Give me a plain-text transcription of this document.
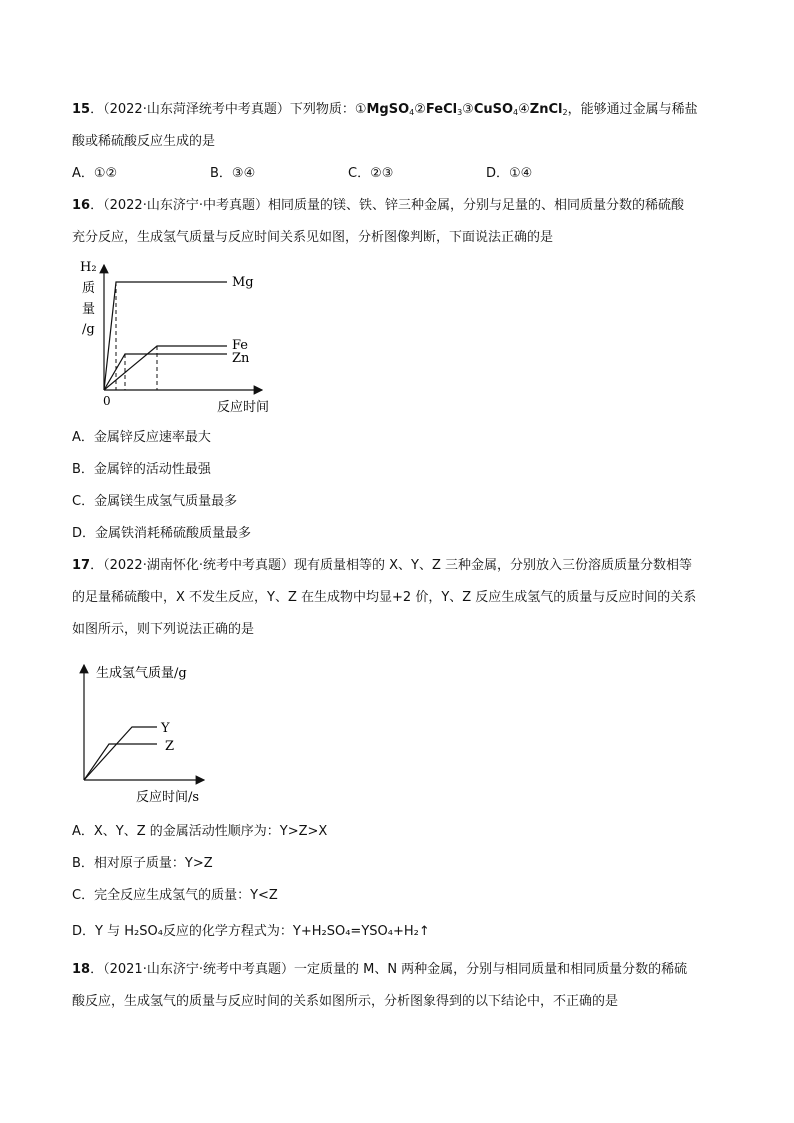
15．（2022·山东菏泽统考中考真题）下列物质：①MgSO$_4$②FeCl$_3$③CuSO$_4$④ZnCl$_2$，能够通过金属与稀盐
酸或稀硫酸反应生成的是
A．①②	B．③④	C．②③	D．①④
16．（2022·山东济宁·中考真题）相同质量的镁、铁、锌三种金属，分别与足量的、相同质量分数的稀硫酸
充分反应，生成氢气质量与反应时间关系见如图，分析图像判断，下面说法正确的是
H₂
质
量
/g
Mg
Fe
Zn
0	反应时间
A．金属锌反应速率最大
B．金属锌的活动性最强
C．金属镁生成氢气质量最多
D．金属铁消耗稀硫酸质量最多
17．（2022·湖南怀化·统考中考真题）现有质量相等的 X、Y、Z 三种金属，分别放入三份溶质质量分数相等
的足量稀硫酸中，X 不发生反应，Y、Z 在生成物中均显+2 价，Y、Z 反应生成氢气的质量与反应时间的关系
如图所示，则下列说法正确的是
生成氢气质量/g
Y
Z
反应时间/s
A．X、Y、Z 的金属活动性顺序为：Y>Z>X
B．相对原子质量：Y>Z
C．完全反应生成氢气的质量：Y<Z
D．Y 与 H₂SO₄反应的化学方程式为：Y+H₂SO₄=YSO₄+H₂↑
18．（2021·山东济宁·统考中考真题）一定质量的 M、N 两种金属，分别与相同质量和相同质量分数的稀硫
酸反应，生成氢气的质量与反应时间的关系如图所示，分析图象得到的以下结论中，不正确的是
